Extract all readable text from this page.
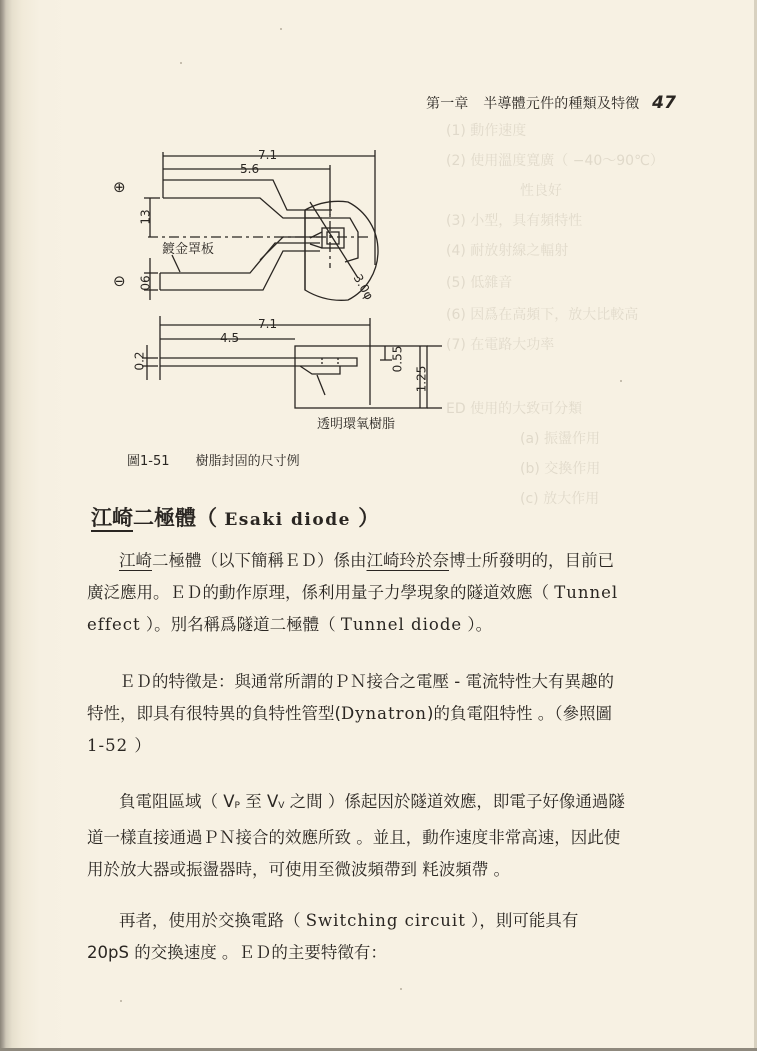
(1) 動作速度
(2) 使用溫度寬廣（ −40～90℃）
性良好
(3) 小型，具有頻特性
(4) 耐放射線之輻射
(5) 低雜音
(6) 因爲在高頻下，放大比較高
(7) 在電路大功率
ED 使用的大致可分類
(a) 振盪作用
(b) 交換作用
(c) 放大作用
第一章 半導體元件的種類及特徵 47
7.1
5.6
⊕
13
鍍金罩板
⊖ 06	3.0φ
7.1
4.5
0.2	0.55
1.25
透明環氧樹脂
圖1-51 樹脂封固的尺寸例
江崎二極體（ Esaki diode ）
江崎二極體（以下簡稱ＥＤ）係由江崎玲於奈博士所發明的，目前已
廣泛應用。ＥＤ的動作原理，係利用量子力學現象的隧道效應（ Tunnel
effect ）。別名稱爲隧道二極體（ Tunnel diode ）。
ＥＤ的特徵是：與通常所謂的ＰＮ接合之電壓 - 電流特性大有異趣的
特性，即具有很特異的負特性管型(Dynatron)的負電阻特性 。（參照圖
1-52 ）
負電阻區域（ $V_P$ 至 $V_V$ 之間 ）係起因於隧道效應，即電子好像通過隧
道一樣直接通過ＰＮ接合的效應所致 。並且，動作速度非常高速，因此使
用於放大器或振盪器時，可使用至微波頻帶到 粍波頻帶 。
再者，使用於交換電路（ Switching circuit ），則可能具有
20pS 的交換速度 。ＥＤ的主要特徵有：
